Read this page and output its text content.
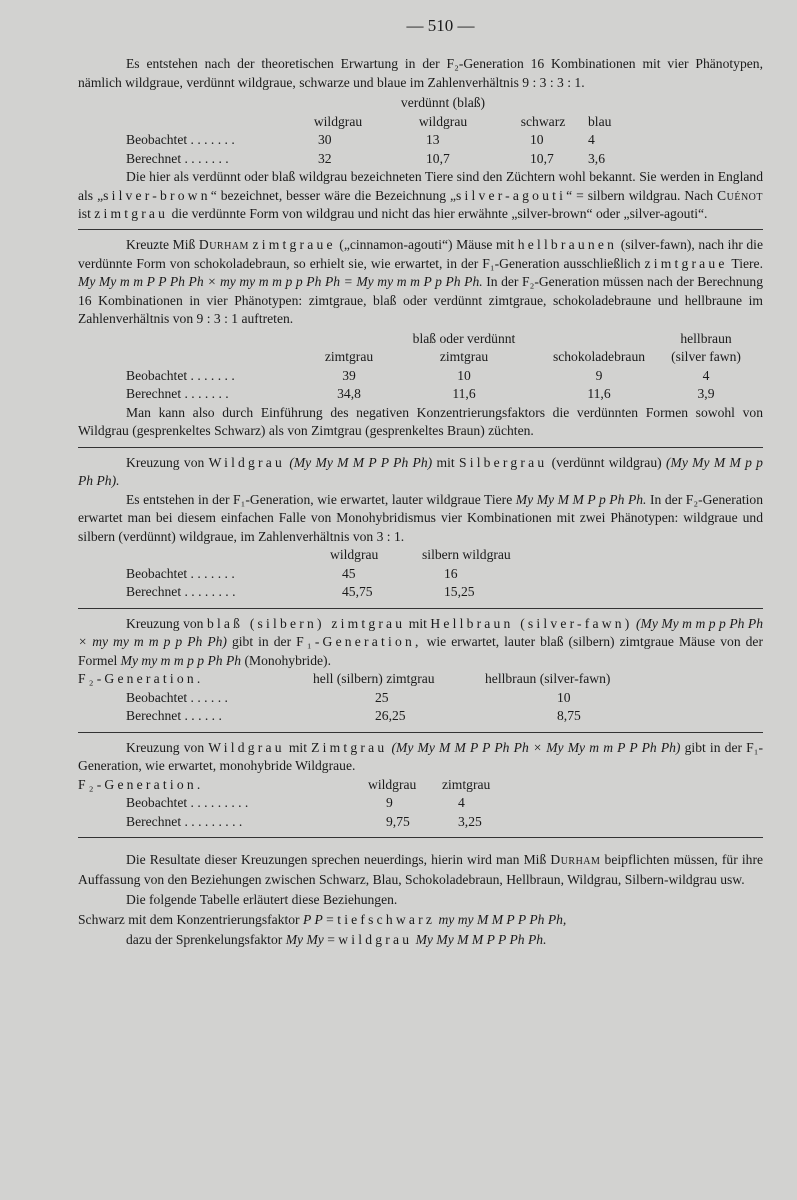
— 510 —

Es entstehen nach der theoretischen Erwartung in der F₂-Generation 16 Kombinationen mit vier Phänotypen, nämlich wildgraue, verdünnt wildgraue, schwarze und blaue im Zahlenverhältnis 9 : 3 : 3 : 1.

		verdünnt (blaß)		
	wildgrau	wildgrau	schwarz	blau
Beobachtet . . . . . . .	30	13	10	4
Berechnet . . . . . . .	32	10,7	10,7	3,6

Die hier als verdünnt oder blaß wildgrau bezeichneten Tiere sind den Züchtern wohl bekannt. Sie werden in England als „silver-brown“ bezeichnet, besser wäre die Bezeichnung „silver-agouti“ = silbern wildgrau. Nach Cuénot ist zimtgrau die verdünnte Form von wildgrau und nicht das hier erwähnte „silver-brown“ oder „silver-agouti“.

Kreuzte Miß Durham zimtgraue („cinnamon-agouti“) Mäuse mit hellbraunen (silver-fawn), nach ihr die verdünnte Form von schokoladebraun, so erhielt sie, wie erwartet, in der F₁-Generation ausschließlich zimtgraue Tiere. My My m m P P Ph Ph × my my m m p p Ph Ph = My my m m P p Ph Ph. In der F₂-Generation müssen nach der Berechnung 16 Kombinationen in vier Phänotypen: zimtgraue, blaß oder verdünnt zimtgraue, schokoladebraune und hellbraune im Zahlenverhältnis von 9 : 3 : 1 auftreten.

		blaß oder verdünnt		hellbraun
	zimtgrau	zimtgrau	schokoladebraun	(silver fawn)
Beobachtet . . . . . . .	39	10	9	4
Berechnet . . . . . . .	34,8	11,6	11,6	3,9

Man kann also durch Einführung des negativen Konzentrierungsfaktors die verdünnten Formen sowohl von Wildgrau (gesprenkeltes Schwarz) als von Zimtgrau (gesprenkeltes Braun) züchten.

Kreuzung von Wildgrau (My My M M P P Ph Ph) mit Silbergrau (verdünnt wildgrau) (My My M M p p Ph Ph).

Es entstehen in der F₁-Generation, wie erwartet, lauter wildgraue Tiere My My M M P p Ph Ph. In der F₂-Generation erwartet man bei diesem einfachen Falle von Monohybridismus vier Kombinationen mit zwei Phänotypen: wildgraue und silbern (verdünnt) wildgraue, im Zahlenverhältnis von 3 : 1.

	wildgrau	silbern wildgrau
Beobachtet . . . . . . .	45	16
Berechnet . . . . . . . .	45,75	15,25

Kreuzung von blaß (silbern) zimtgrau mit Hellbraun (silver-fawn) (My My m m p p Ph Ph × my my m m p p Ph Ph) gibt in der F₁-Generation, wie erwartet, lauter blaß (silbern) zimtgraue Mäuse von der Formel My my m m p p Ph Ph (Monohybride).

F₂-Generation.	hell (silbern) zimtgrau	hellbraun (silver-fawn)
Beobachtet . . . . . .	25	10
Berechnet . . . . . .	26,25	8,75

Kreuzung von Wildgrau mit Zimtgrau (My My M M P P Ph Ph × My My m m P P Ph Ph) gibt in der F₁-Generation, wie erwartet, monohybride Wildgraue.

F₂-Generation.	wildgrau	zimtgrau
Beobachtet . . . . . . . . .	9	4
Berechnet . . . . . . . . .	9,75	3,25

Die Resultate dieser Kreuzungen sprechen neuerdings, hierin wird man Miß Durham beipflichten müssen, für ihre Auffassung von den Beziehungen zwischen Schwarz, Blau, Schokoladebraun, Hellbraun, Wildgrau, Silbern-wildgrau usw.

Die folgende Tabelle erläutert diese Beziehungen.

Schwarz mit dem Konzentrierungsfaktor P P = tiefschwarz my my M M P P Ph Ph,

dazu der Sprenkelungsfaktor My My = wildgrau My My M M P P Ph Ph.
